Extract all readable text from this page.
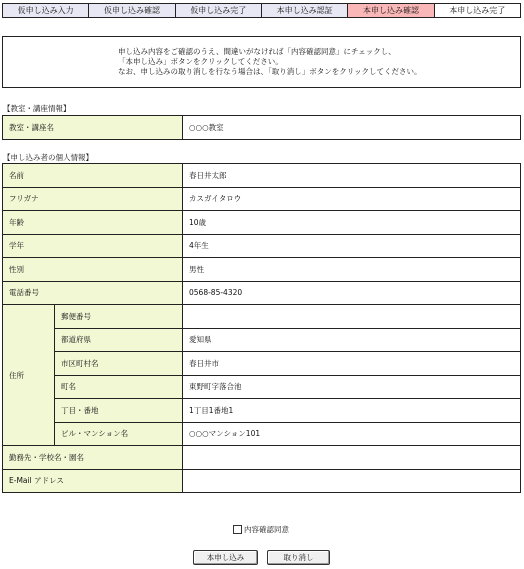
仮申し込み入力	仮申し込み確認	仮申し込み完了	本申し込み認証	本申し込み確認	本申し込み完了
申し込み内容をご確認のうえ、間違いがなければ「内容確認同意」にチェックし、
「本申し込み」ボタンをクリックしてください。
なお、申し込みの取り消しを行なう場合は、「取り消し」ボタンをクリックしてください。
【教室・講座情報】
教室・講座名	○○○教室
【申し込み者の個人情報】
名前		春日井太郎
フリガナ		カスガイタロウ
年齢		10歳
学年		4年生
性別		男性
電話番号		0568-85-4320
住所	郵便番号	
	都道府県	愛知県
	市区町村名	春日井市
	町名	東野町字落合池
	丁目・番地	1丁目1番地1
	ビル・マンション名	○○○マンション101
勤務先・学校名・園名		
E-Mail アドレス		
内容確認同意
本申し込み	取り消し
